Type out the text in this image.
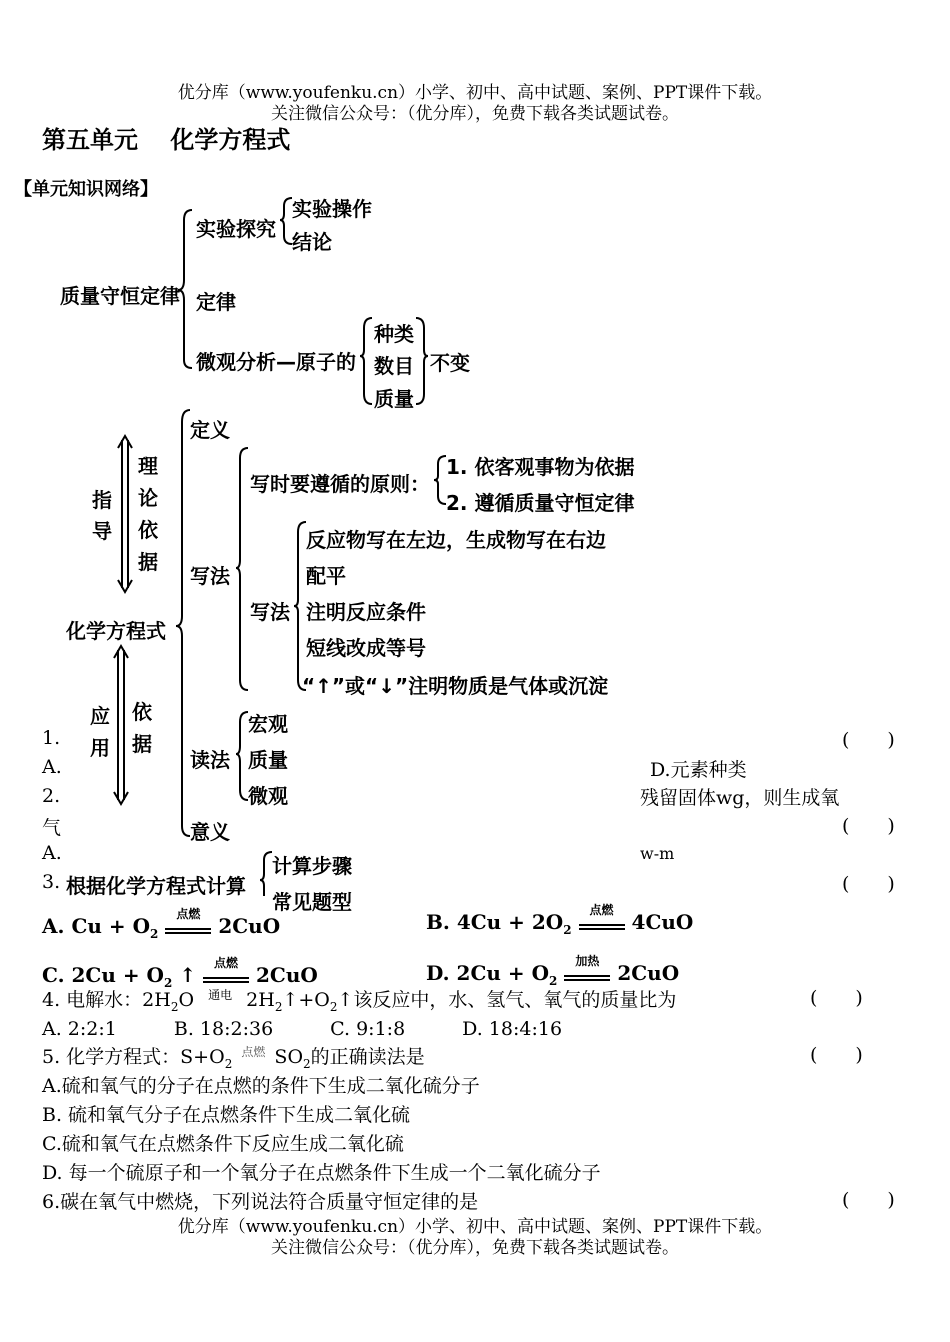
优分库（www.youfenku.cn）小学、初中、高中试题、案例、PPT课件下载。
关注微信公众号：（优分库），免费下载各类试题试卷。
第五单元　 化学方程式
【单元知识网络】
质量守恒定律
实验探究
实验操作
结论
定律
微观分析—原子的
种类
数目
质量
不变
化学方程式
指
导
理
论
依
据
定义
写法
写时要遵循的原则：
1. 依客观事物为依据
2. 遵循质量守恒定律
写法
反应物写在左边，生成物写在右边
配平
注明反应条件
短线改成等号
“↑”或“↓”注明物质是气体或沉淀
应
用
依
据
读法
宏观
质量
微观
意义
根据化学方程式计算
计算步骤
常见题型
1.	(　　)
A.	D.元素种类
2.	残留固体wg，则生成氧
气	(　　)
A.	w-m
3.	(　　)
A. $Cu + O_2$
点燃
2CuO	B. $4Cu + 2O_2$
点燃
4CuO
C. $2Cu + O_2$ ↑
点燃
2CuO	D. $2Cu + O_2$
加热
2CuO
4. 电解水：$2H_2O$	通电 $2H_2↑+O_2↑$该反应中，水、氢气、氧气的质量比为	(　　)
A. 2:2:1　　　B. 18:2:36　　　C. 9:1:8　　　D. 18:4:16
5. 化学方程式：$S+O_2$
点燃 $SO_2$的正确读法是	(　　)
A.硫和氧气的分子在点燃的条件下生成二氧化硫分子
B. 硫和氧气分子在点燃条件下生成二氧化硫
C.硫和氧气在点燃条件下反应生成二氧化硫
D. 每一个硫原子和一个氧分子在点燃条件下生成一个二氧化硫分子
6.碳在氧气中燃烧，下列说法符合质量守恒定律的是	(　　)
优分库（www.youfenku.cn）小学、初中、高中试题、案例、PPT课件下载。
关注微信公众号：（优分库），免费下载各类试题试卷。
